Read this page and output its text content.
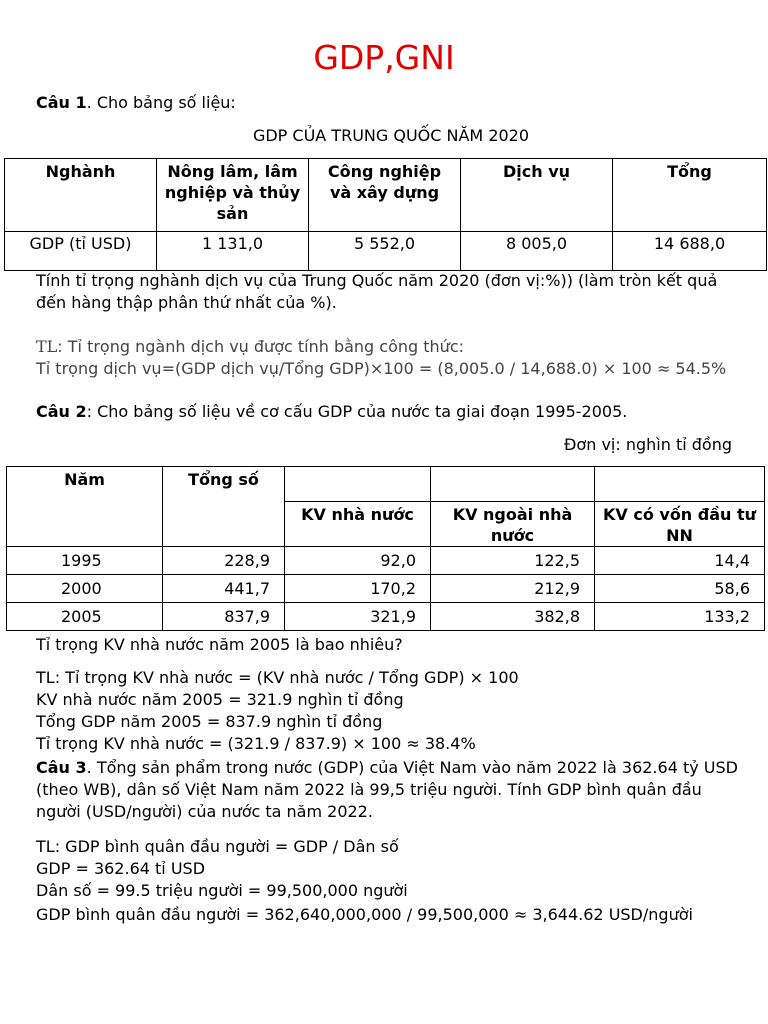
GDP,GNI

Câu 1. Cho bảng số liệu:

GDP CỦA TRUNG QUỐC NĂM 2020

Nghành	Nông lâm, lâm nghiệp và thủy sản	Công nghiệp và xây dựng	Dịch vụ	Tổng
GDP (tỉ USD)	1 131,0	5 552,0	8 005,0	14 688,0

Tính tỉ trọng nghành dịch vụ của Trung Quốc năm 2020 (đơn vị:%)) (làm tròn kết quả đến hàng thập phân thứ nhất của %).

TL: Tỉ trọng ngành dịch vụ được tính bằng công thức:

Tỉ trọng dịch vụ=(GDP dịch vụ/Tổng GDP)×100 = (8,005.0 / 14,688.0) × 100 ≈ 54.5%

Câu 2: Cho bảng số liệu về cơ cấu GDP của nước ta giai đoạn 1995-2005.

Đơn vị: nghìn tỉ đồng

Năm	Tổng số			
		KV nhà nước	KV ngoài nhà nước	KV có vốn đầu tư NN
1995	228,9	92,0	122,5	14,4
2000	441,7	170,2	212,9	58,6
2005	837,9	321,9	382,8	133,2

Tỉ trọng KV nhà nước năm 2005 là bao nhiêu?

TL: Tỉ trọng KV nhà nước = (KV nhà nước / Tổng GDP) × 100

KV nhà nước năm 2005 = 321.9 nghìn tỉ đồng

Tổng GDP năm 2005 = 837.9 nghìn tỉ đồng

Tỉ trọng KV nhà nước = (321.9 / 837.9) × 100 ≈ 38.4%

Câu 3. Tổng sản phẩm trong nước (GDP) của Việt Nam vào năm 2022 là 362.64 tỷ USD (theo WB), dân số Việt Nam năm 2022 là 99,5 triệu người. Tính GDP bình quân đầu người (USD/người) của nước ta năm 2022.

TL: GDP bình quân đầu người = GDP / Dân số

GDP = 362.64 tỉ USD

Dân số = 99.5 triệu người = 99,500,000 người

GDP bình quân đầu người = 362,640,000,000 / 99,500,000 ≈ 3,644.62 USD/người
